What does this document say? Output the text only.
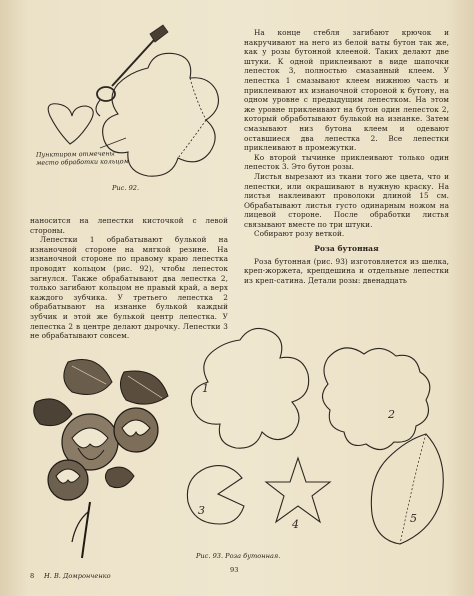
Пунктиром отмечены
место обработки кольцом
Рис. 92.

наносится на лепестки кисточкой с левой стороны.

Лепестки 1 обрабатывают булькой на изнаночной стороне на мягкой резине. На изнаночной стороне по правому краю лепестка проводят кольцом (рис. 92), чтобы лепесток загнулся. Также обрабатывают два лепестка 2, только загибают кольцом не правый край, а верх каждого зубчика. У третьего лепестка 2 обрабатывают на изнанке булькой каждый зубчик и этой же булькой центр лепестка. У лепестка 2 в центре делают дырочку. Лепестки 3 не обрабатывают совсем.

На конце стебля загибают крючок и накручивают на него из белой ваты бутон так же, как у розы бутонной клееной. Таких делают две штуки. К одной приклеивают в виде шапочки лепесток 3, полностью смазанный клеем. У лепестка 1 смазывают клеем нижнюю часть и приклеивают их изнаночной стороной к бутону, на одном уровне с предыдущим лепестком. На этом же уровне приклеивают на бутон один лепесток 2, который обработывают булькой на изнанке. Затем смазывают низ бутона клеем и одевают оставшиеся два лепестка 2. Все лепестки приклеивают в промежутки.

Ко второй тычинке приклеивают только один лепесток 3. Это бутон розы.

Листья вырезают из ткани того же цвета, что и лепестки, или окрашивают в нужную краску. На листья наклеивают проволоки длиной 15 см. Обрабатывают листья густо одинарным ножом на лицевой стороне. После обработки листья связывают вместе по три штуки.

Собирают розу веткой.

Роза бутонная

Роза бутонная (рис. 93) изготовляется из шелка, креп-жоржета, крепдешина и отдельные лепестки из креп-сатина. Детали розы: двенадцать

1
2
3
4	5
Рис. 93. Роза бутонная.
8 Н. В. Домронченко
93
